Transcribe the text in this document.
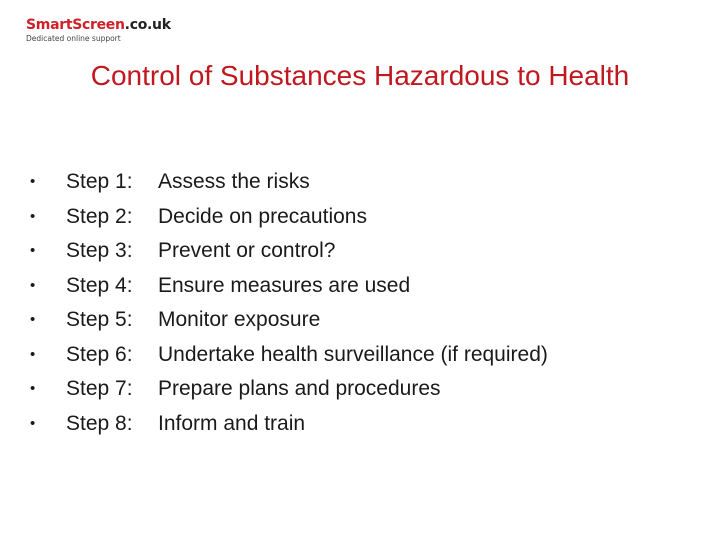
SmartScreen.co.uk
Dedicated online support
Control of Substances Hazardous to Health
•	Step 1:	Assess the risks
•	Step 2:	Decide on precautions
•	Step 3:	Prevent or control?
•	Step 4:	Ensure measures are used
•	Step 5:	Monitor exposure
•	Step 6:	Undertake health surveillance (if required)
•	Step 7:	Prepare plans and procedures
•	Step 8:	Inform and train
